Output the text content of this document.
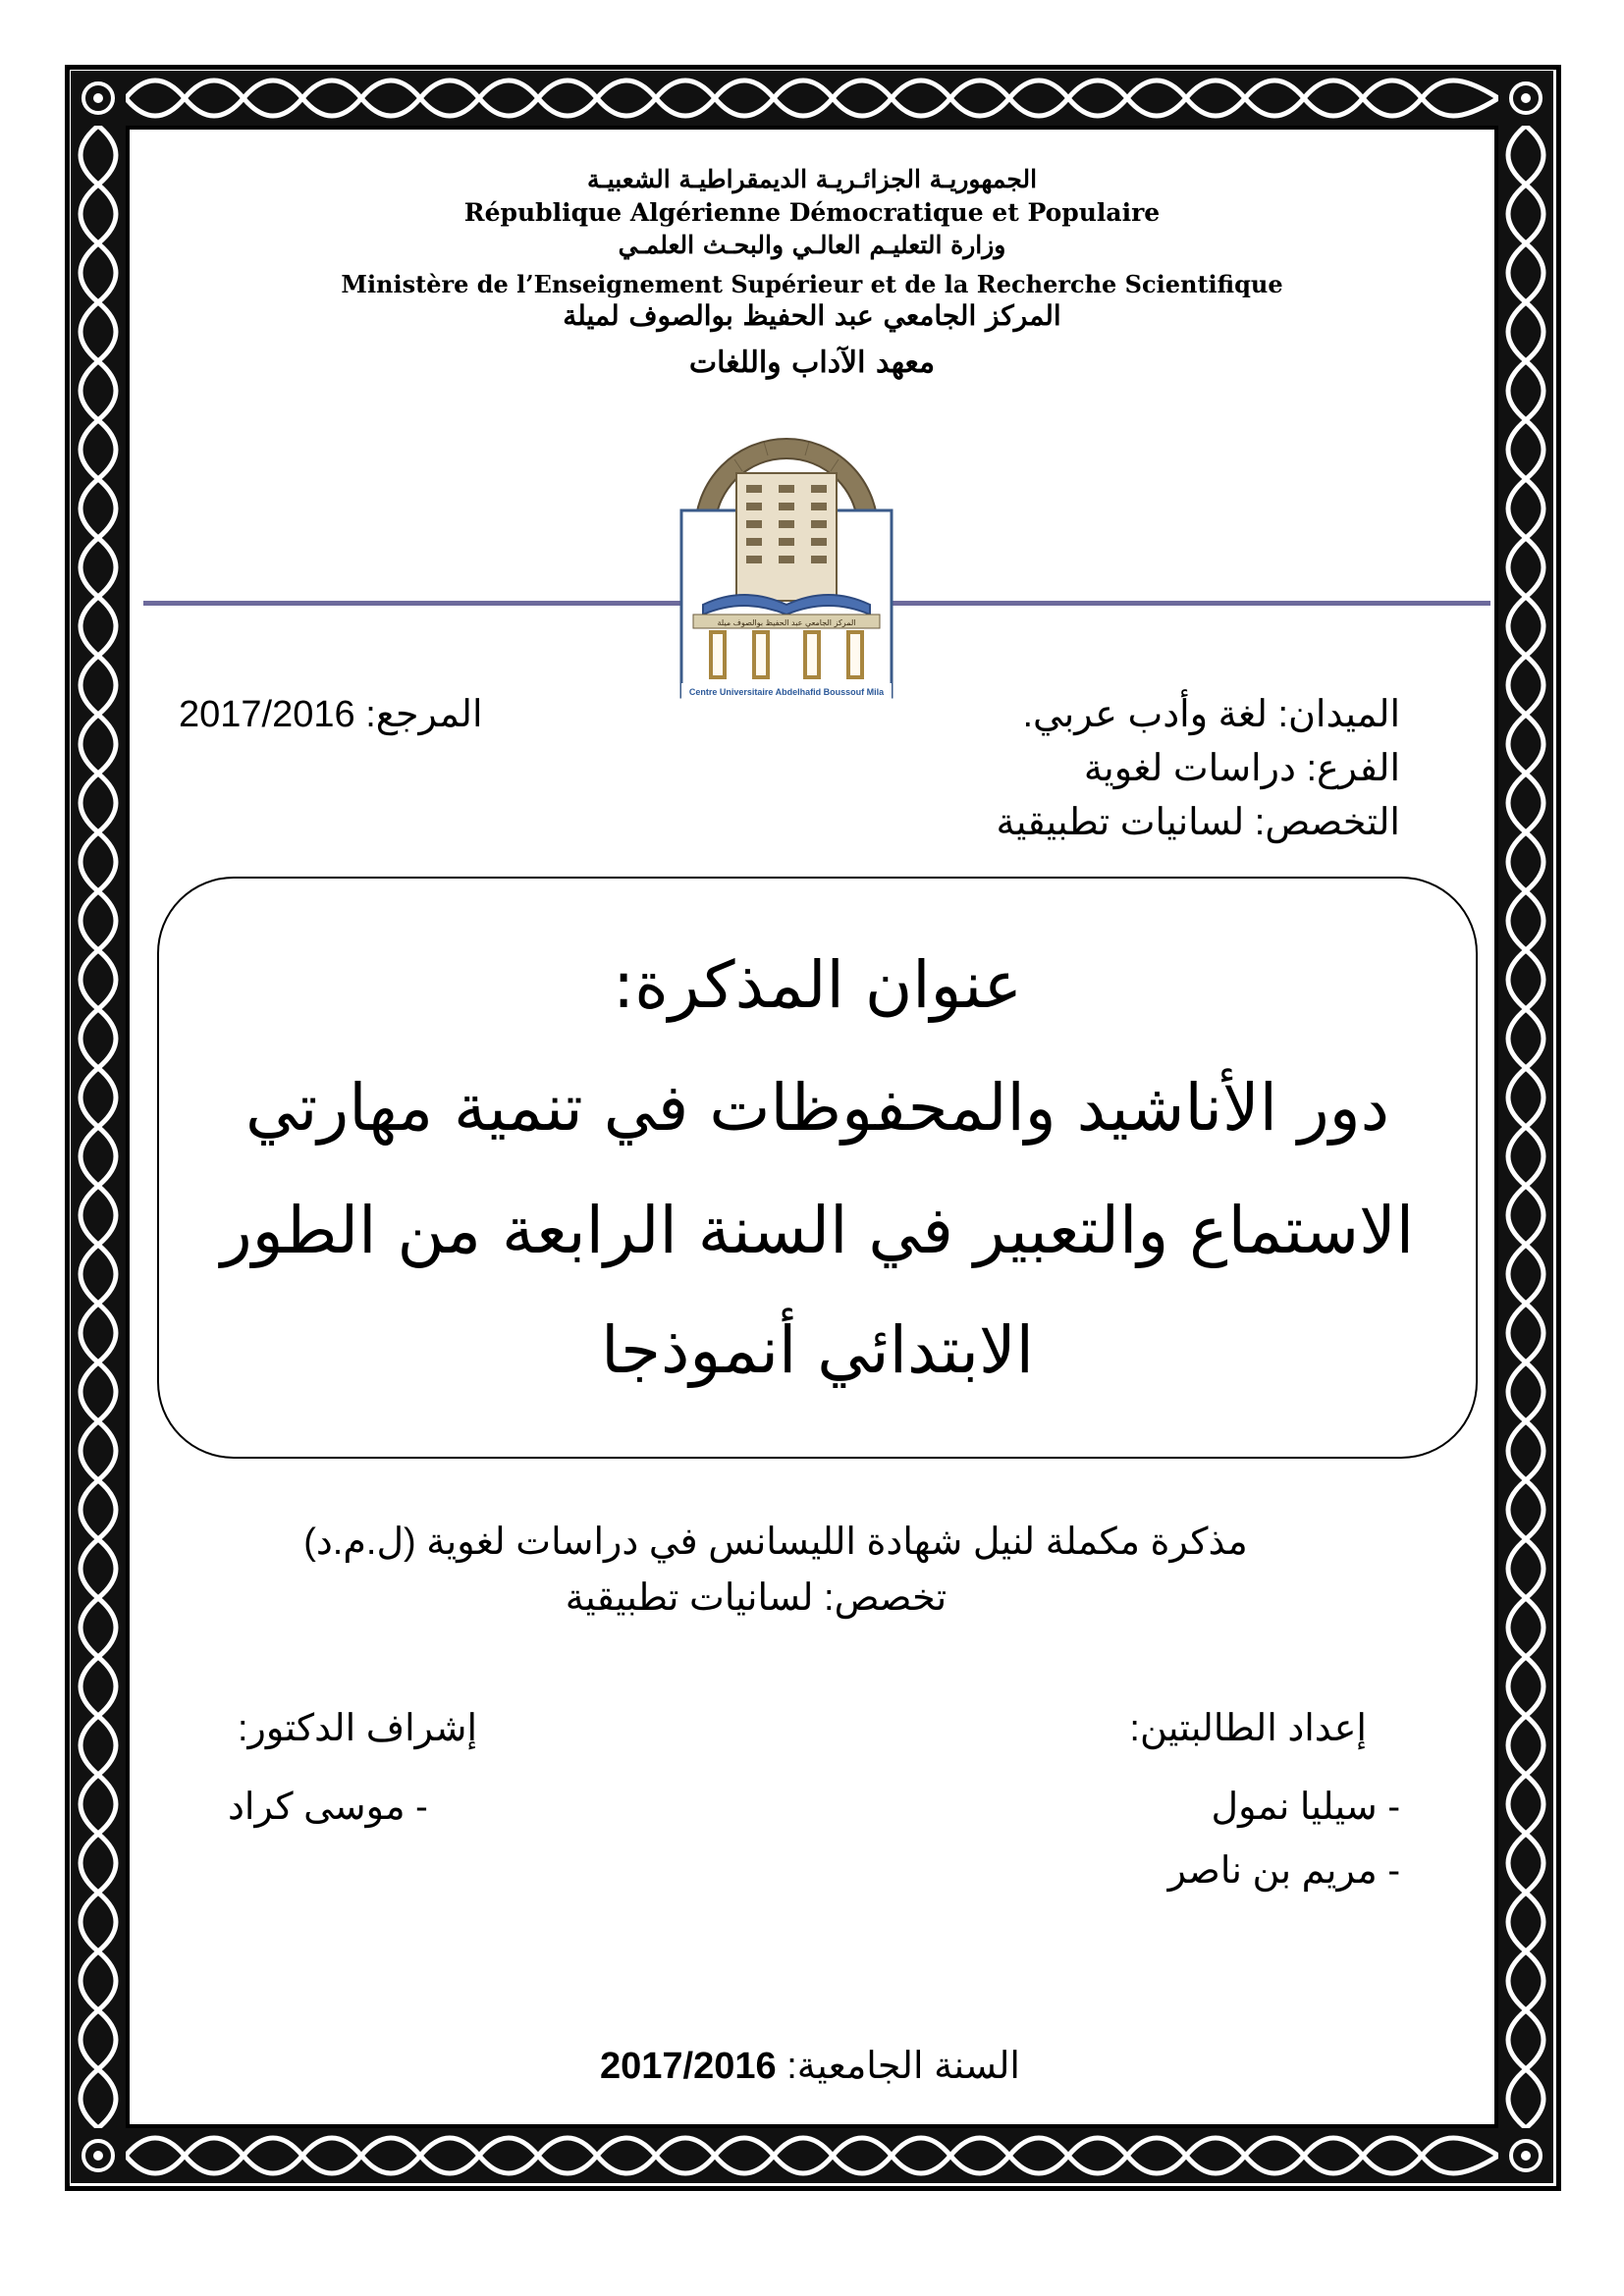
الجمهوريـة الجزائـريـة الديمقراطيـة الشعبيـة
République Algérienne Démocratique et Populaire
وزارة التعليـم العالـي والبحـث العلمـي
Ministère de l’Enseignement Supérieur et de la Recherche Scientifique
المركز الجامعي عبد الحفيظ بوالصوف لميلة
معهد الآداب واللغات
المركز الجامعي عبد الحفيظ بوالصوف ميلة
Centre Universitaire Abdelhafid Boussouf Mila
الميدان: لغة وأدب عربي.
الفرع: دراسات لغوية
التخصص: لسانيات تطبيقية
المرجع: 2017/2016
عنوان المذكرة:
دور الأناشيد والمحفوظات في تنمية مهارتي
الاستماع والتعبير في السنة الرابعة من الطور
الابتدائي أنموذجا
مذكرة مكملة لنيل شهادة الليسانس في دراسات لغوية (ل.م.د)
تخصص: لسانيات تطبيقية
إعداد الطالبتين:
- سيليا نمول
- مريم بن ناصر
إشراف الدكتور:
- موسى كراد
السنة الجامعية: 2017/2016
